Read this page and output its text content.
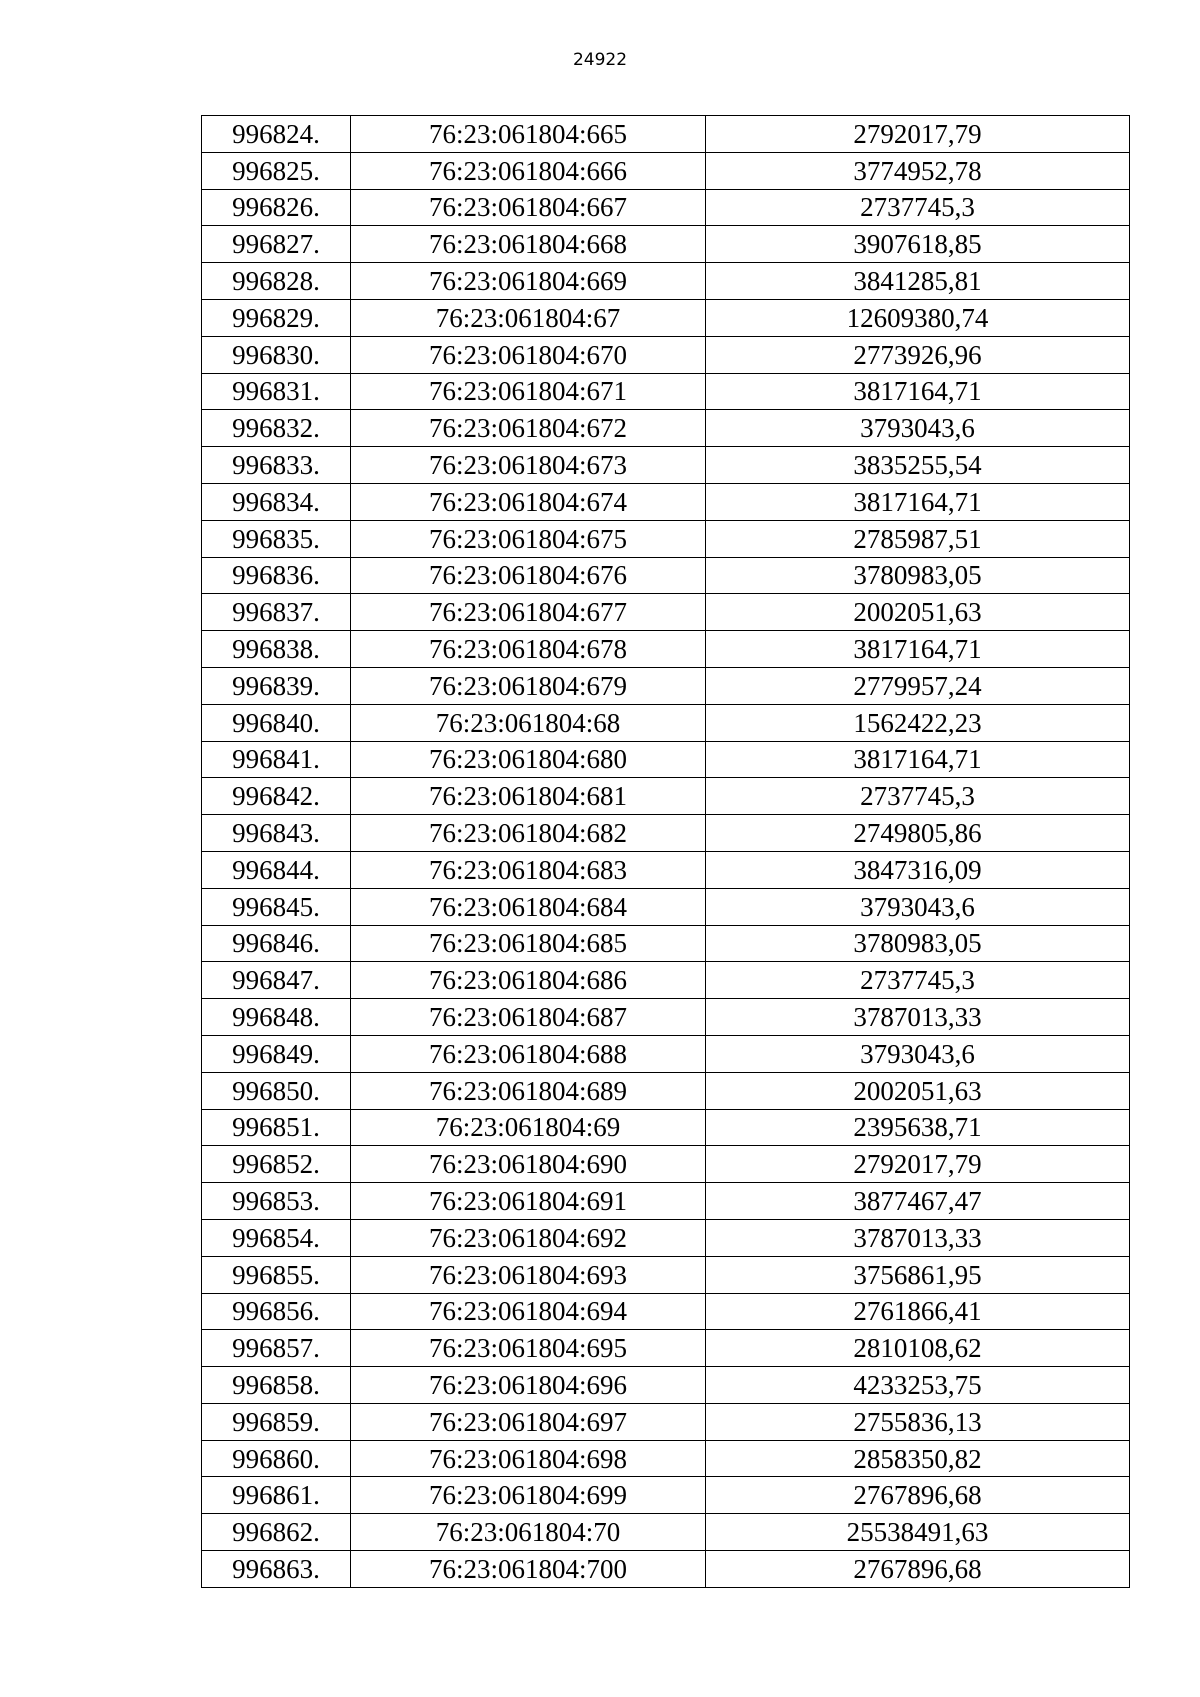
24922
996824.	76:23:061804:665	2792017,79
996825.	76:23:061804:666	3774952,78
996826.	76:23:061804:667	2737745,3
996827.	76:23:061804:668	3907618,85
996828.	76:23:061804:669	3841285,81
996829.	76:23:061804:67	12609380,74
996830.	76:23:061804:670	2773926,96
996831.	76:23:061804:671	3817164,71
996832.	76:23:061804:672	3793043,6
996833.	76:23:061804:673	3835255,54
996834.	76:23:061804:674	3817164,71
996835.	76:23:061804:675	2785987,51
996836.	76:23:061804:676	3780983,05
996837.	76:23:061804:677	2002051,63
996838.	76:23:061804:678	3817164,71
996839.	76:23:061804:679	2779957,24
996840.	76:23:061804:68	1562422,23
996841.	76:23:061804:680	3817164,71
996842.	76:23:061804:681	2737745,3
996843.	76:23:061804:682	2749805,86
996844.	76:23:061804:683	3847316,09
996845.	76:23:061804:684	3793043,6
996846.	76:23:061804:685	3780983,05
996847.	76:23:061804:686	2737745,3
996848.	76:23:061804:687	3787013,33
996849.	76:23:061804:688	3793043,6
996850.	76:23:061804:689	2002051,63
996851.	76:23:061804:69	2395638,71
996852.	76:23:061804:690	2792017,79
996853.	76:23:061804:691	3877467,47
996854.	76:23:061804:692	3787013,33
996855.	76:23:061804:693	3756861,95
996856.	76:23:061804:694	2761866,41
996857.	76:23:061804:695	2810108,62
996858.	76:23:061804:696	4233253,75
996859.	76:23:061804:697	2755836,13
996860.	76:23:061804:698	2858350,82
996861.	76:23:061804:699	2767896,68
996862.	76:23:061804:70	25538491,63
996863.	76:23:061804:700	2767896,68
